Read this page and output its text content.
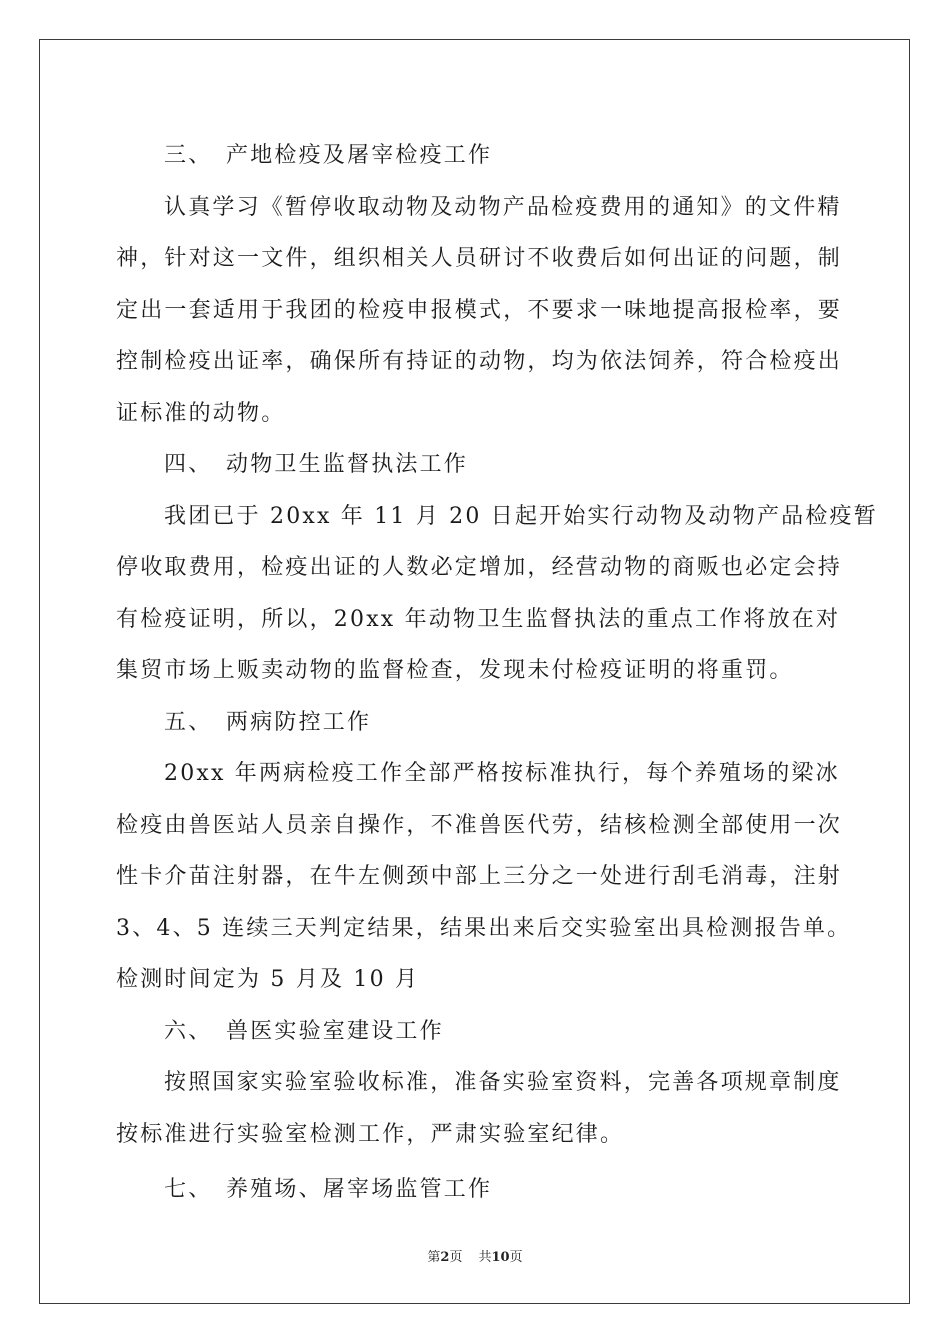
三、 产地检疫及屠宰检疫工作
认真学习《暂停收取动物及动物产品检疫费用的通知》的文件精
神，针对这一文件，组织相关人员研讨不收费后如何出证的问题，制
定出一套适用于我团的检疫申报模式，不要求一味地提高报检率，要
控制检疫出证率，确保所有持证的动物，均为依法饲养，符合检疫出
证标准的动物。
四、 动物卫生监督执法工作
我团已于 20xx 年 11 月 20 日起开始实行动物及动物产品检疫暂
停收取费用，检疫出证的人数必定增加，经营动物的商贩也必定会持
有检疫证明，所以，20xx 年动物卫生监督执法的重点工作将放在对
集贸市场上贩卖动物的监督检查，发现未付检疫证明的将重罚。
五、 两病防控工作
20xx 年两病检疫工作全部严格按标准执行，每个养殖场的梁冰
检疫由兽医站人员亲自操作，不准兽医代劳，结核检测全部使用一次
性卡介苗注射器，在牛左侧颈中部上三分之一处进行刮毛消毒，注射
3、4、5 连续三天判定结果，结果出来后交实验室出具检测报告单。
检测时间定为 5 月及 10 月
六、 兽医实验室建设工作
按照国家实验室验收标准，准备实验室资料，完善各项规章制度
按标准进行实验室检测工作，严肃实验室纪律。
七、 养殖场、屠宰场监管工作
第2页 共10页
